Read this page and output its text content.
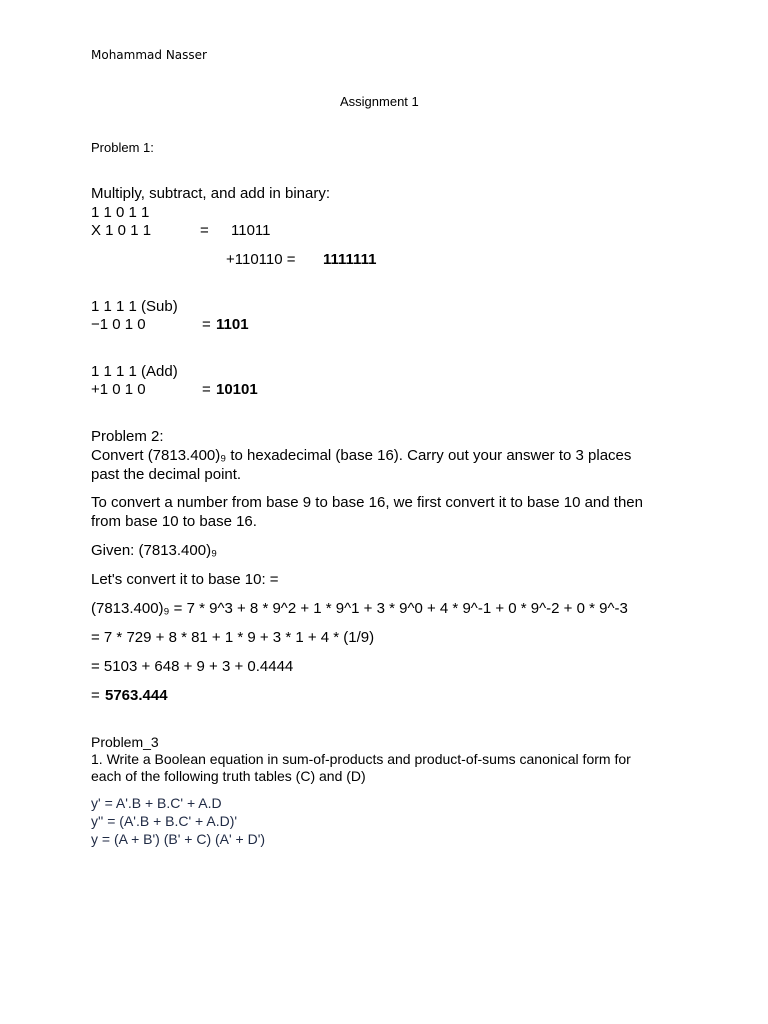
Mohammad Nasser
Assignment 1
Problem 1:
Multiply, subtract, and add in binary:
1 1 0 1 1
X 1 0 1 1	= 11011
+110110 = 1111111
1 1 1 1 (Sub)
−1 0 1 0	= 1101
1 1 1 1 (Add)
+1 0 1 0	= 10101
Problem 2:
Convert (7813.400)₉ to hexadecimal (base 16). Carry out your answer to 3 places
past the decimal point.
To convert a number from base 9 to base 16, we first convert it to base 10 and then
from base 10 to base 16.
Given: (7813.400)₉
Let's convert it to base 10: =
(7813.400)₉ = 7 * 9^3 + 8 * 9^2 + 1 * 9^1 + 3 * 9^0 + 4 * 9^-1 + 0 * 9^-2 + 0 * 9^-3
= 7 * 729 + 8 * 81 + 1 * 9 + 3 * 1 + 4 * (1/9)
= 5103 + 648 + 9 + 3 + 0.4444
= 5763.444
Problem_3
1. Write a Boolean equation in sum-of-products and product-of-sums canonical form for
each of the following truth tables (C) and (D)
y' = A'.B + B.C' + A.D
y'' = (A'.B + B.C' + A.D)'
y = (A + B') (B' + C) (A' + D')
